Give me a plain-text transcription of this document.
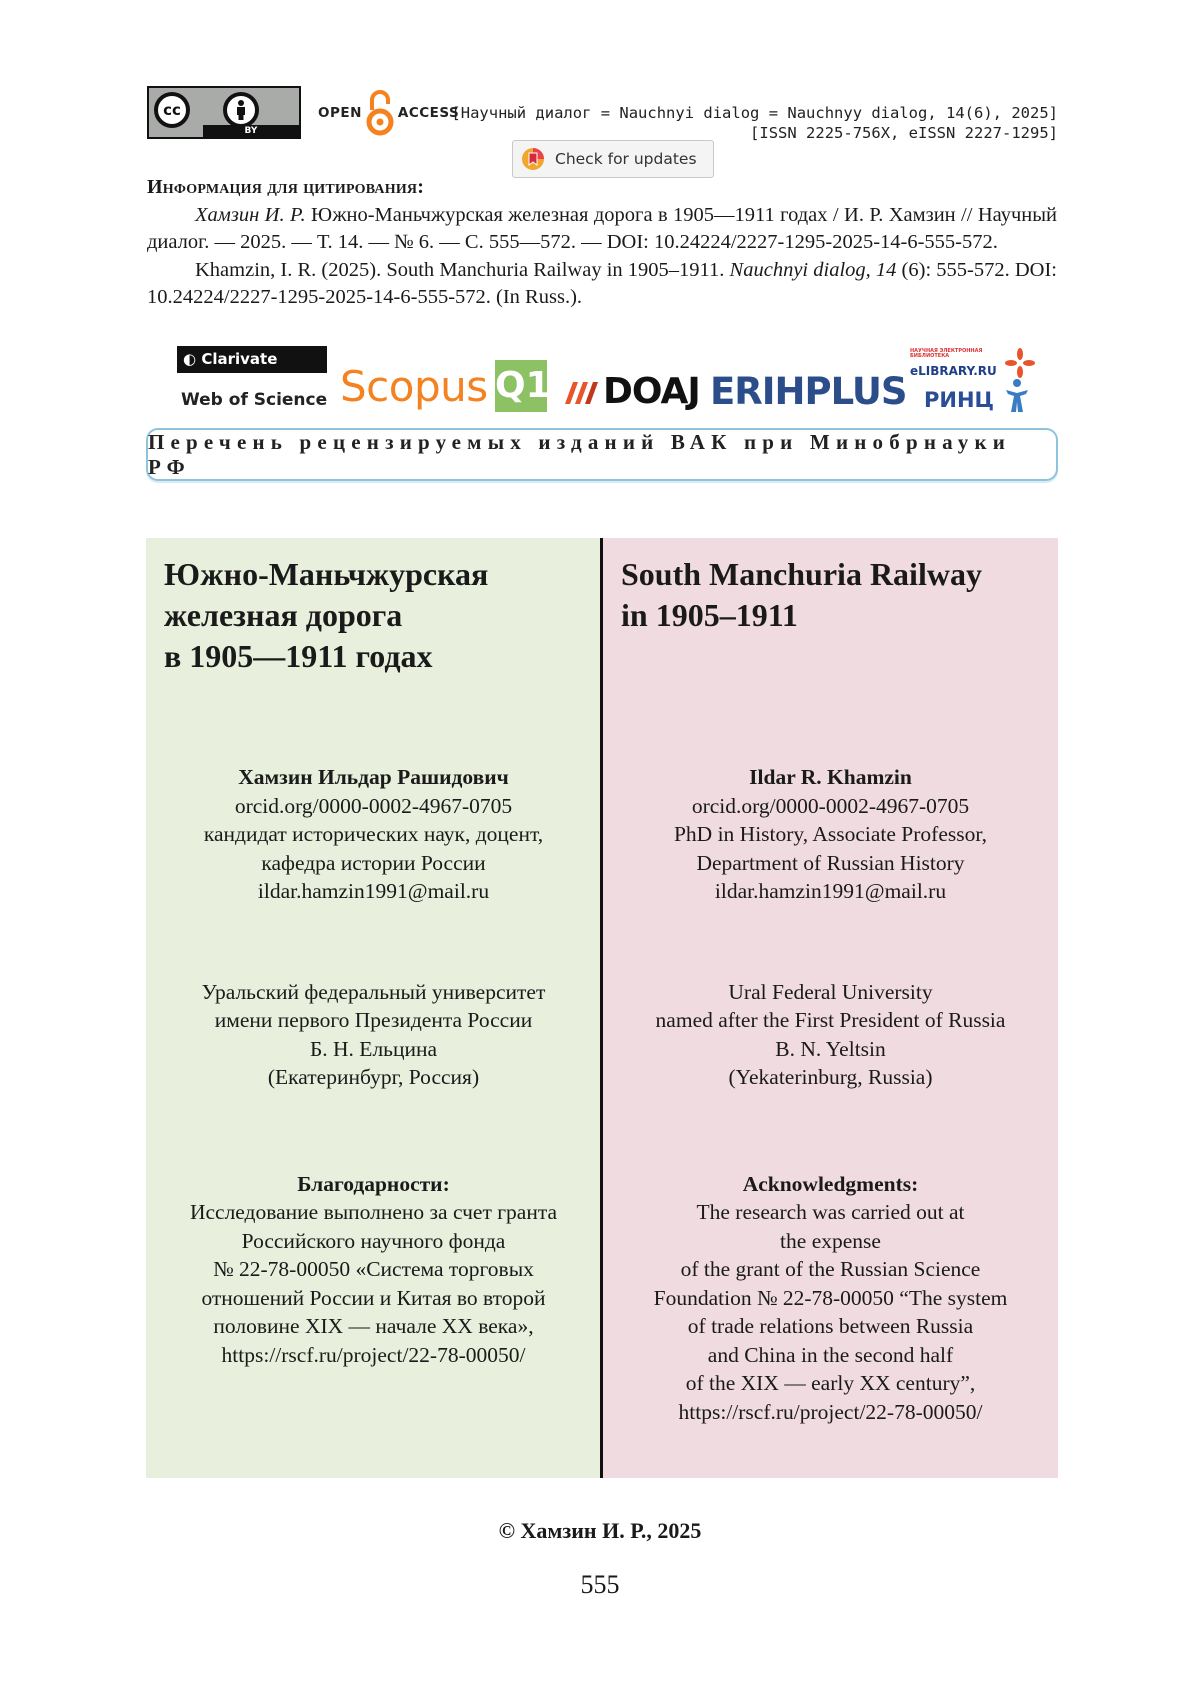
cc
BY
OPEN	ACCESS
[Научный диалог = Nauchnyi dialog = Nauchnyy dialog, 14(6), 2025]
[ISSN 2225-756X, eISSN 2227-1295]
Check for updates
Информация для цитирования:

Хамзин И. Р. Южно-Маньчжурская железная дорога в 1905—1911 годах / И. Р. Хамзин // Научный диалог. — 2025. — Т. 14. — № 6. — С. 555—572. — DOI: 10.24224/2227-1295-2025-14-6-555-572.

Khamzin, I. R. (2025). South Manchuria Railway in 1905–1911. Nauchnyi dialog, 14 (6): 555-572. DOI: 10.24224/2227-1295-2025-14-6-555-572. (In Russ.).

◐ Clarivate
Web of Science Scopus Q1 DOAJ ERIHPLUS
НАУЧНАЯ ЭЛЕКТРОННАЯ БИБЛИОТЕКА
eLIBRARY.RU
РИНЦ
Перечень рецензируемых изданий ВАК при Минобрнауки РФ
Южно-Маньчжурская
железная дорога
в 1905—1911 годах
Хамзин Ильдар Рашидович
orcid.org/0000-0002-4967-0705
кандидат исторических наук, доцент,
кафедра истории России
ildar.hamzin1991@mail.ru
Уральский федеральный университет
имени первого Президента России
Б. Н. Ельцина
(Екатеринбург, Россия)
Благодарности:
Исследование выполнено за счет гранта
Российского научного фонда
№ 22-78-00050 «Система торговых
отношений России и Китая во второй
половине XIX — начале XX века»,
https://rscf.ru/project/22-78-00050/
South Manchuria Railway
in 1905–1911
Ildar R. Khamzin
orcid.org/0000-0002-4967-0705
PhD in History, Associate Professor,
Department of Russian History
ildar.hamzin1991@mail.ru
Ural Federal University
named after the First President of Russia
B. N. Yeltsin
(Yekaterinburg, Russia)
Acknowledgments:
The research was carried out at
the expense
of the grant of the Russian Science
Foundation № 22-78-00050 “The system
of trade relations between Russia
and China in the second half
of the XIX — early XX century”,
https://rscf.ru/project/22-78-00050/
© Хамзин И. Р., 2025
555
